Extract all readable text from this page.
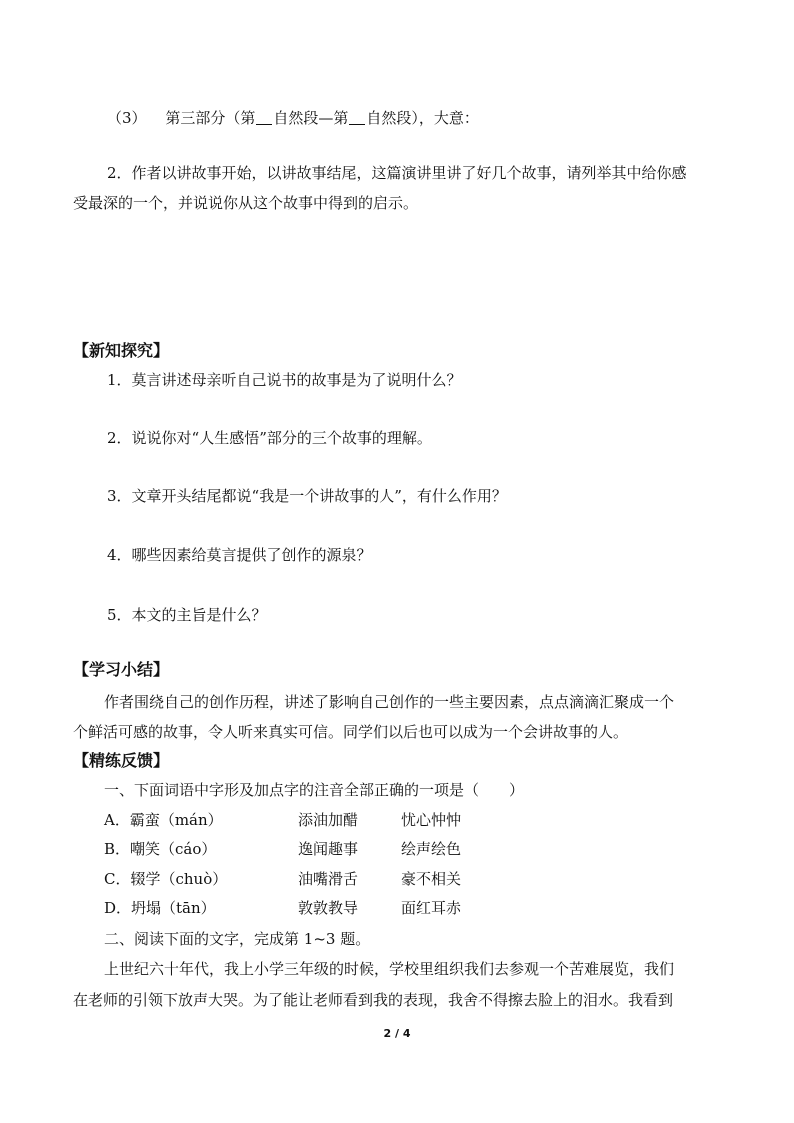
（3） 第三部分（第 自然段—第 自然段），大意：
2．作者以讲故事开始，以讲故事结尾，这篇演讲里讲了好几个故事，请列举其中给你感
受最深的一个，并说说你从这个故事中得到的启示。
【新知探究】
1．莫言讲述母亲听自己说书的故事是为了说明什么？
2．说说你对“人生感悟”部分的三个故事的理解。
3．文章开头结尾都说“我是一个讲故事的人”，有什么作用？
4．哪些因素给莫言提供了创作的源泉？
5．本文的主旨是什么？
【学习小结】
作者围绕自己的创作历程，讲述了影响自己创作的一些主要因素，点点滴滴汇聚成一个
个鲜活可感的故事，令人听来真实可信。同学们以后也可以成为一个会讲故事的人。
【精练反馈】
一、下面词语中字形及加点字的注音全部正确的一项是（　　）
A．霸蛮（mán）	添油加醋	忧心忡忡
B．嘲笑（cáo）	逸闻趣事	绘声绘色
C．辍学（chuò）	油嘴滑舌	豪不相关
D．坍塌（tān）	敦敦教导	面红耳赤
二、阅读下面的文字，完成第 1~3 题。
上世纪六十年代，我上小学三年级的时候，学校里组织我们去参观一个苦难展览，我们
在老师的引领下放声大哭。为了能让老师看到我的表现，我舍不得擦去脸上的泪水。我看到
2 / 4
